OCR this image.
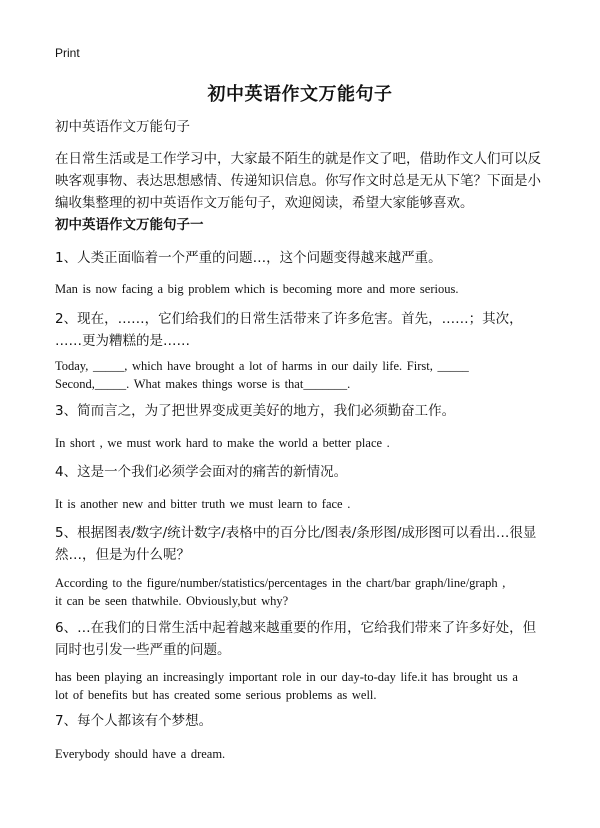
Print
初中英语作文万能句子
初中英语作文万能句子
在日常生活或是工作学习中，大家最不陌生的就是作文了吧，借助作文人们可以反
映客观事物、表达思想感情、传递知识信息。你写作文时总是无从下笔？下面是小
编收集整理的初中英语作文万能句子，欢迎阅读，希望大家能够喜欢。
初中英语作文万能句子一
1、人类正面临着一个严重的问题…，这个问题变得越来越严重。
Man is now facing a big problem which is becoming more and more serious.
2、现在，……，它们给我们的日常生活带来了许多危害。首先，……；其次，
……更为糟糕的是……
Today, _____, which have brought a lot of harms in our daily life. First, _____
Second,_____. What makes things worse is that_______.
3、简而言之，为了把世界变成更美好的地方，我们必须勤奋工作。
In short , we must work hard to make the world a better place .
4、这是一个我们必须学会面对的痛苦的新情况。
It is another new and bitter truth we must learn to face .
5、根据图表/数字/统计数字/表格中的百分比/图表/条形图/成形图可以看出…很显
然…，但是为什么呢？
According to the figure/number/statistics/percentages in the chart/bar graph/line/graph ,
it can be seen thatwhile. Obviously,but why?
6、…在我们的日常生活中起着越来越重要的作用，它给我们带来了许多好处，但
同时也引发一些严重的问题。
has been playing an increasingly important role in our day-to-day life.it has brought us a
lot of benefits but has created some serious problems as well.
7、每个人都该有个梦想。
Everybody should have a dream.
